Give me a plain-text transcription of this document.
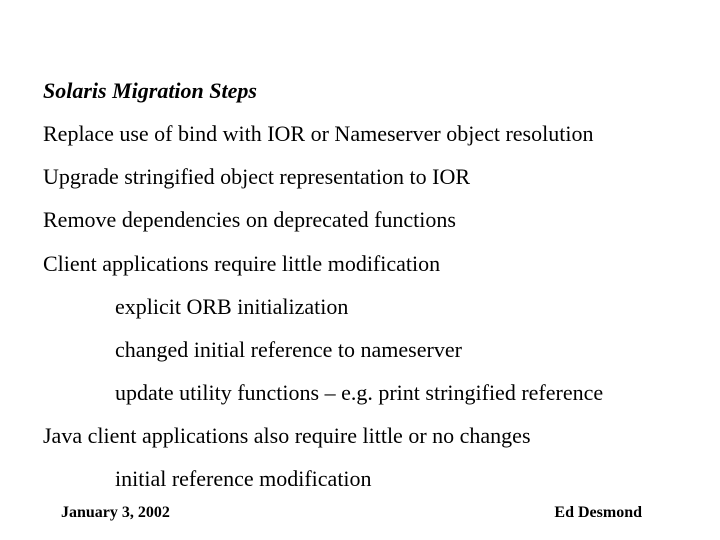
Solaris Migration Steps
Replace use of bind with IOR or Nameserver object resolution
Upgrade stringified object representation to IOR
Remove dependencies on deprecated functions
Client applications require little modification
explicit ORB initialization
changed initial reference to nameserver
update utility functions – e.g. print stringified reference
Java client applications also require little or no changes
initial reference modification
January 3, 2002	Ed Desmond
